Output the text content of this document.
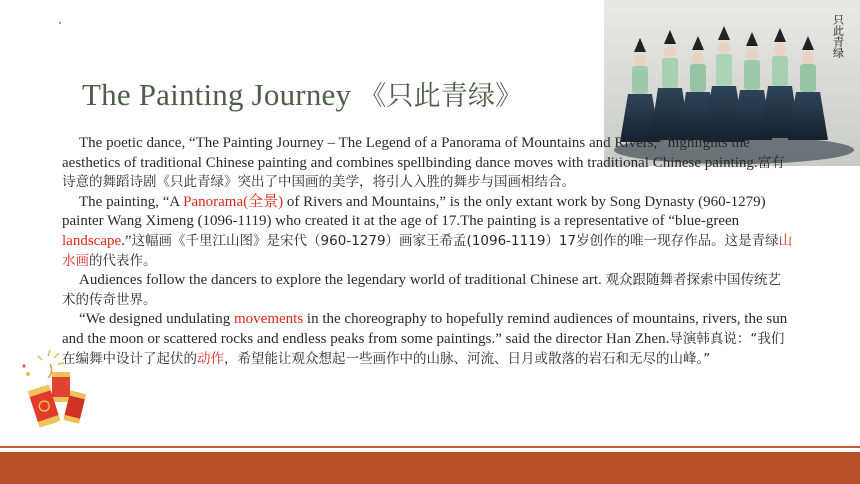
The Painting Journey 《只此青绿》
只此青绿

The poetic dance, “The Painting Journey – The Legend of a Panorama of Mountains and Rivers,” highlights the aesthetics of traditional Chinese painting and combines spellbinding dance moves with traditional Chinese painting.富有诗意的舞蹈诗剧《只此青绿》突出了中国画的美学，将引人入胜的舞步与国画相结合。

The painting, “A Panorama(全景) of Rivers and Mountains,” is the only extant work by Song Dynasty (960-1279) painter Wang Ximeng (1096-1119) who created it at the age of 17.The painting is a representative of “blue-green landscape.”这幅画《千里江山图》是宋代（960-1279）画家王希孟(1096-1119）17岁创作的唯一现存作品。这是青绿山水画的代表作。

Audiences follow the dancers to explore the legendary world of traditional Chinese art. 观众跟随舞者探索中国传统艺术的传奇世界。

“We designed undulating movements in the choreography to hopefully remind audiences of mountains, rivers, the sun and the moon or scattered rocks and endless peaks from some paintings.” said the director Han Zhen.导演韩真说：“我们在编舞中设计了起伏的动作，希望能让观众想起一些画作中的山脉、河流、日月或散落的岩石和无尽的山峰。”
